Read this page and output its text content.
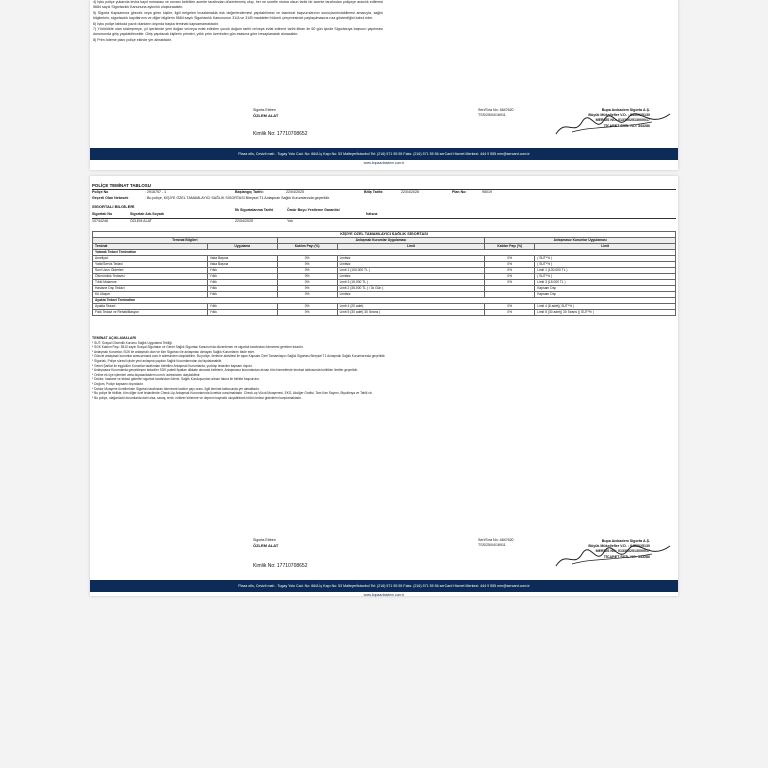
4) İşbu poliçe yukarıda levha kayıt numarası ve unvanı belirtilen acente tarafından düzenlenmiş olup, her ne suretle olursa olsun farklı bir acente tarafından poliçeye aracılık edilmesi 5684 sayılı Sigortacılık Kanununa aykırılık oluşturacaktır.

5) Sigorta Kapsamına girecek veya giren kişiler, ilgili belgeleri imzalamakla risk değerlendirmesi yapılabilmesi ve tazminat başvurularının sonuçlandırılabilmesi amacıyla, sağlık bilgilerinin, sigortacılık kayıtlarının ve diğer bilgilerin 5684 sayılı Sigortacılık Kanununun 31/A ve 31/B maddeleri hükmü çerçevesinde paylaşılmasına rıza gösterdiğini kabul eder.

6) İşbu poliçe tabloda yazılı olanların dışında başka teminatı kapsamamaktadır.

7) Yürürlükte olan sözleşmeye, yıl içerisinde yeni doğan ve/veya evlat edinilen çocuk doğum tarihi ve/veya evlat edinme tarihi itibarı ile 60 gün içinde Sigortacıya başvuru yapılması durumunda giriş yapılabilecektir. Giriş yapılacak kişilerin primleri, yıllık prim üzerinden gün esasına göre hesaplanarak alınacaktır.

8) Prim ödeme planı poliçe ekinde yer almaktadır.

Sigorta Ettiren
ÖZLEM ALAT
Kimlik No: 17710708652
Seri/Sıra No: 4847620
TSS/25/04/16911
Bupa Acıbadem Sigorta A.Ş.
Büyük Mükellefler V.D. : 8450025130
MERSİS NO: 0133002513000017
TİCARET SİCİL NO: 343286
Plaza ofis, Cevizli mah . Tugay Yolu Cad. No: 66/A İç Kapı No: 53 Maltepe/İstanbul Tel: (216) 571 55 55 Faks: (216) 571 55 56 serCard Hizmet Merkezi: 444 9 555 mm@sercard.com.tr
www.bupaacibadem.com.tr
POLİÇE TEMİNAT TABLOSU
Poliçe No	: 2916757 - 1	Başlangıç Tarihi:	22/04/2025	Bitiş Tarihi:	22/04/2026	Plan No:	95019
Geçerli Olan Network	: Bu poliçe, KİŞİYE ÖZEL TAMAMLAYICI SAĞLIK SİGORTASI Bireysel T1 Anlaşmalı Sağlık Kurumlarında geçerlidir.
SİGORTALI BİLGİLERİ
Sigortalı No	Sigortalı Adı-Soyadı
İlk Sigortalanma Tarihi	Ömür Boyu Yenileme Garantisi
İstisna
10744246	ÖZLEM ALAT	22/04/2025	Yok
KİŞİYE ÖZEL TAMAMLAYICI SAĞLIK SİGORTASI					
Teminat Bilgileri		Anlaşmalı Kurumlar Uygulaması		Anlaşmasız Kurumlar Uygulaması	
Teminat	Uygulama	Katılım Payı (%)	Limit	Katılım Payı (%)	Limit
Yatarak Tedavi Teminatları					
Ameliyat	Vaka Başına	0%	Limitsiz	0%	( SUT*% )
Yatılı/Servis Tedavi	Vaka Başına	0%	Limitsiz	0%	( SUT*% )
Suni Uzuv Giderleri	Yıllık	0%	Limit 1 (100.000 TL )	0%	Limit 1 (100.000 TL )
Ölümümlük Tedavisi	Yıllık	0%	Limitsiz	0%	( SUT*% )
Tıbbi Malzeme	Yıllık	0%	Limit 3 (15.000 TL )	0%	Limit 3 (15.000 TL )
Hastane Dışı Tedavi	Yıllık	0%	Limit 2 (35.000 TL ) / 3x Gün )		Kapsam Dışı
Kü Ulaşım	Yıllık	0%	Limitsiz		Kapsam Dışı
Ayakta Tedavi Teminatları					
Ayakta Tedavi	Yıllık	0%	Limit 4 (20 adet)	0%	Limit 4 (8 adet)( SUT*% )
Fizik Tedavi ve Rehabilitasyon	Yıllık	0%	Limit 5 (30 adet) 30 Seans )	0%	Limit 5 (30 adet)( 30 Seans )( SUT*% )
TEMİNAT AÇIKLAMALARI

* SUT: Sosyal Güvenlik Kurumu Sağlık Uygulama Tebliği.

* SGK Katılım Payı: 5510 sayılı Sosyal Sigortalar ve Genel Sağlık Sigortası Kanunu'nda düzenlenen ve sigortalı tarafından ödenmesi gereken tutardır.

* Anlaşmalı Kurumlar, SGK ile anlaşmalı olan ve tüm Sigortacı ile anlaşması olmayan Sağlık Kurumlarını ifade eder.

* Güncel anlaşmalı kurumlar www.sercard.com.tr adresinden ulaşılabilinir. Bu poliçe, ilerleme aktivitesi ile aşan Kapsam Özel Tamamlayıcı Sağlık Sigortası Bireysel T1 Anlaşmalı Sağlık Kurumlarında geçerlidir.

* Sigortalı, Poliçe süresi içinde yeni anlaşma yapılan Sağlık Kurumlarından da faydalanabilir.

* Genel Şartlar ile eşgüdüm Kurumlar tarafından belirtilen Anlaşmalı Kurumlarda, yurtdışı tedaviler kapsam dışıdır.

* Anlaşmasız Kurumlarda gerçekleşen tedaviler SGK paketi fiyatları dikkate alınarak belirlenir, Anlaşmasız kurumlardan alınan tüm hizmetlerde teminat tablosunda belirtilen limitler geçerlidir.

* Online ek üye işlemleri www.bupaacibadem.com.tr adresinden ulaşılabilinir.

* Doktor, hastane ve tedavi giderleri sigortalı tarafından ödenir, Sağlık Kuruluşundan alınan fatura ile birlikte başvurulur.

* Doğum, Poliçe kapsamı dışındadır.

* Doktor Muayene ücretlerinde Sigortalı tarafından ödenecek katılım payı oranı, ilgili teminat tablosunda yer almaktadır.

* Bu poliçe ile birlikte, tüm diğer özel tedavilerde Check-Up Anlaşmalı Kurumlarında ücretsiz sunulmaktadır. Check-up Vücut Muayenesi, EKG, Akciğer Grafisi, Tam Kan Sayımı, Biyokimya ve Tahlil vb.

* Bu poliçe, olağanüstü durumlarda dahi olsa, savaş, terör, nükleer kirlenme ve deprem kaynaklı oluşabilecek bütün tedavi giderlerini karşılamaktadır.

Sigorta Ettiren
ÖZLEM ALAT
Kimlik No: 17710708652
Seri/Sıra No: 4847620
TSS/25/04/16911
Bupa Acıbadem Sigorta A.Ş.
Büyük Mükellefler V.D. : 8450025130
MERSİS NO: 0133002513000017
TİCARET SİCİL NO: 343286
Plaza ofis, Cevizli mah . Tugay Yolu Cad. No: 66/A İç Kapı No: 53 Maltepe/İstanbul Tel: (216) 571 55 55 Faks: (216) 571 55 56 serCard Hizmet Merkezi: 444 9 555 mm@sercard.com.tr
www.bupaacibadem.com.tr
